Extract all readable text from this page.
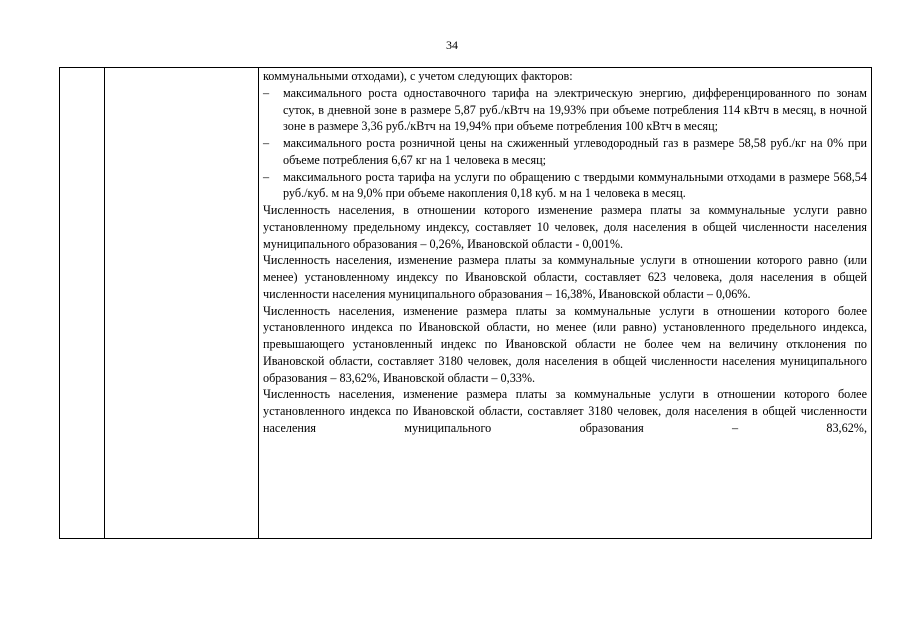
34

коммунальными отходами), с учетом следующих факторов:

–	максимального роста одноставочного тарифа на электрическую энергию, дифференцированного по зонам суток, в дневной зоне в размере 5,87 руб./кВтч на 19,93% при объеме потребления 114 кВтч в месяц, в ночной зоне в размере 3,36 руб./кВтч на 19,94% при объеме потребления 100 кВтч в месяц;
–	максимального роста розничной цены на сжиженный углеводородный газ в размере 58,58 руб./кг на 0% при объеме потребления 6,67 кг на 1 человека в месяц;
–	максимального роста тарифа на услуги по обращению с твердыми коммунальными отходами в размере 568,54 руб./куб. м на 9,0% при объеме накопления 0,18 куб. м на 1 человека в месяц.

Численность населения, в отношении которого изменение размера платы за коммунальные услуги равно установленному предельному индексу, составляет 10 человек, доля населения в общей численности населения муниципального образования – 0,26%, Ивановской области - 0,001%.

Численность населения, изменение размера платы за коммунальные услуги в отношении которого равно (или менее) установленному индексу по Ивановской области, составляет 623 человека, доля населения в общей численности населения муниципального образования – 16,38%, Ивановской области – 0,06%.

Численность населения, изменение размера платы за коммунальные услуги в отношении которого более установленного индекса по Ивановской области, но менее (или равно) установленного предельного индекса, превышающего установленный индекс по Ивановской области не более чем на величину отклонения по Ивановской области, составляет 3180 человек, доля населения в общей численности населения муниципального образования – 83,62%, Ивановской области – 0,33%.

Численность населения, изменение размера платы за коммунальные услуги в отношении которого более установленного индекса по Ивановской области, составляет 3180 человек, доля населения в общей численности населения муниципального образования – 83,62%,
